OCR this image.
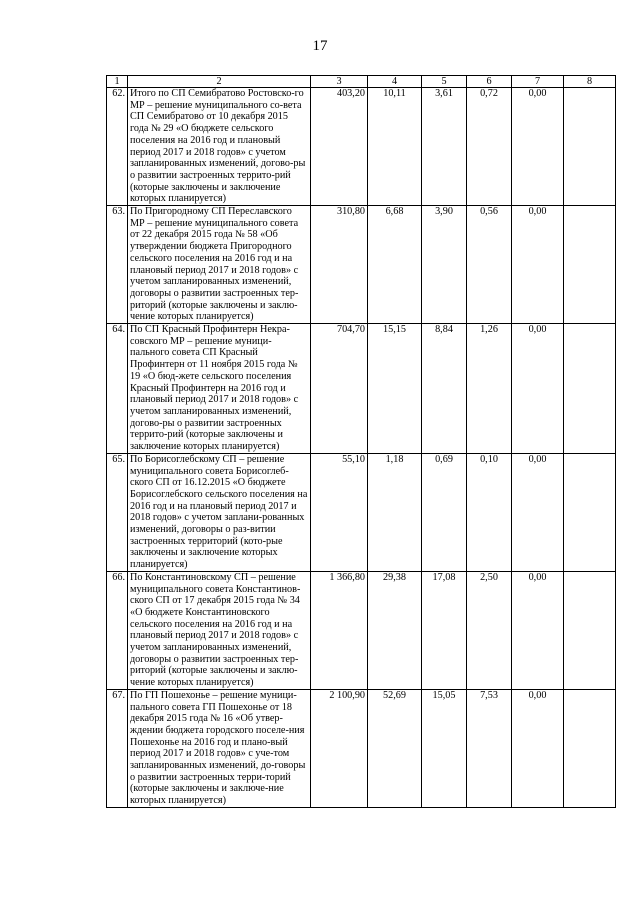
17
1	2	3	4	5	6	7	8
62.	Итого по СП Семибратово Ростовско-го МР – решение муниципального со-вета СП Семибратово от 10 декабря 2015 года № 29 «О бюджете сельского поселения на 2016 год и плановый период 2017 и 2018 годов» с учетом запланированных изменений, догово-ры о развитии застроенных террито-рий (которые заключены и заключение которых планируется)	403,20	10,11	3,61	0,72	0,00	
63.	По Пригородному СП Переславского МР – решение муниципального совета от 22 декабря 2015 года № 58 «Об утверждении бюджета Пригородного сельского поселения на 2016 год и на плановый период 2017 и 2018 годов» с учетом запланированных изменений, договоры о развитии застроенных тер-риторий (которые заключены и заклю-чение которых планируется)	310,80	6,68	3,90	0,56	0,00	
64.	По СП Красный Профинтерн Некра-совского МР – решение муници-пального совета СП Красный Профинтерн от 11 ноября 2015 года № 19 «О бюд-жете сельского поселения Красный Профинтерн на 2016 год и плановый период 2017 и 2018 годов» с учетом запланированных изменений, догово-ры о развитии застроенных террито-рий (которые заключены и заключение которых планируется)	704,70	15,15	8,84	1,26	0,00	
65.	По Борисоглебскому СП – решение муниципального совета Борисоглеб-ского СП от 16.12.2015 «О бюджете Борисоглебского сельского поселения на 2016 год и на плановый период 2017 и 2018 годов» с учетом заплани-рованных изменений, договоры о раз-витии застроенных территорий (кото-рые заключены и заключение которых планируется)	55,10	1,18	0,69	0,10	0,00	
66.	По Константиновскому СП – решение муниципального совета Константинов-ского СП от 17 декабря 2015 года № 34 «О бюджете Константиновского сельского поселения на 2016 год и на плановый период 2017 и 2018 годов» с учетом запланированных изменений, договоры о развитии застроенных тер-риторий (которые заключены и заклю-чение которых планируется)	1 366,80	29,38	17,08	2,50	0,00	
67.	По ГП Пошехонье – решение муници-пального совета ГП Пошехонье от 18 декабря 2015 года № 16 «Об утвер-ждении бюджета городского поселе-ния Пошехонье на 2016 год и плано-вый период 2017 и 2018 годов» с уче-том запланированных изменений, до-говоры о развитии застроенных терри-торий (которые заключены и заключе-ние которых планируется)	2 100,90	52,69	15,05	7,53	0,00	
